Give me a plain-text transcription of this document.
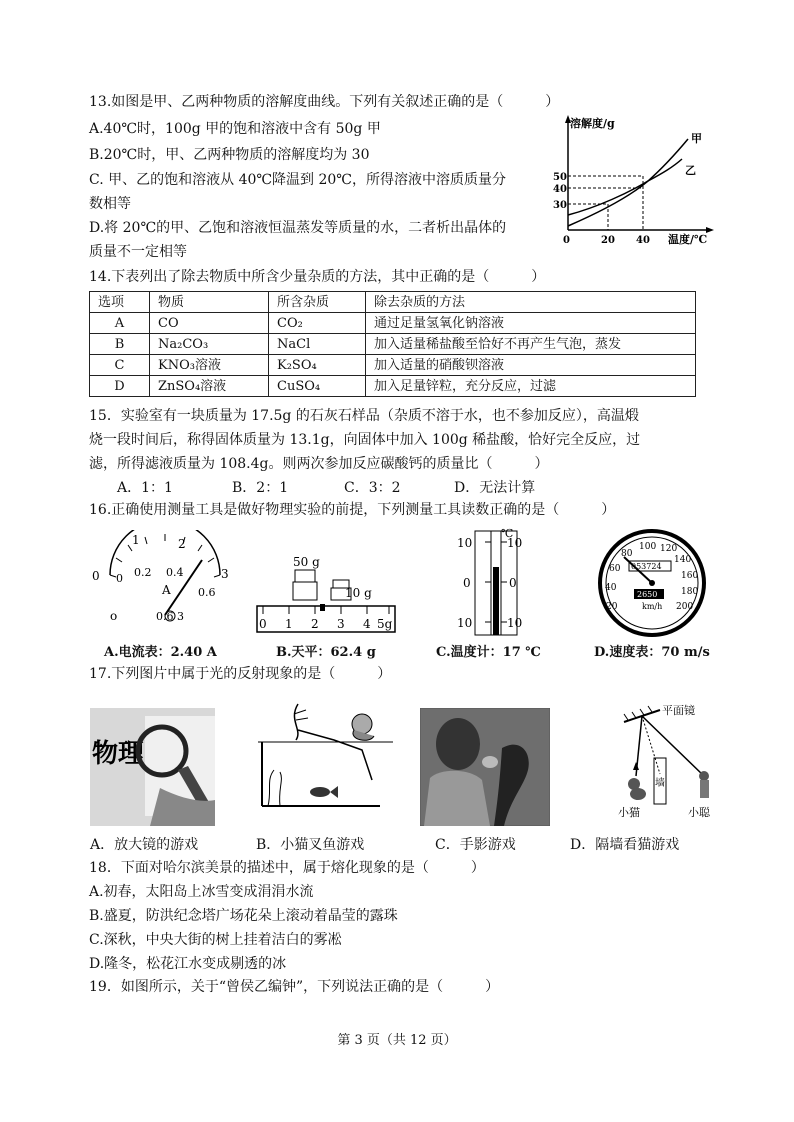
13.如图是甲、乙两种物质的溶解度曲线。下列有关叙述正确的是（　　　）
A.40℃时，100g 甲的饱和溶液中含有 50g 甲
B.20℃时，甲、乙两种物质的溶解度均为 30
C. 甲、乙的饱和溶液从 40℃降温到 20℃，所得溶液中溶质质量分
数相等
D.将 20℃的甲、乙饱和溶液恒温蒸发等质量的水，二者析出晶体的
质量不一定相等
溶解度/g
甲
乙
50
40
30
0	20 40 温度/℃
14.下表列出了除去物质中所含少量杂质的方法，其中正确的是（　　　）
选项	物质	所含杂质	除去杂质的方法
A	CO	CO₂	通过足量氢氧化钠溶液
B	Na₂CO₃	NaCl	加入适量稀盐酸至恰好不再产生气泡，蒸发
C	KNO₃溶液	K₂SO₄	加入适量的硝酸钡溶液
D	ZnSO₄溶液	CuSO₄	加入足量锌粒，充分反应，过滤
15．实验室有一块质量为 17.5g 的石灰石样品（杂质不溶于水，也不参加反应），高温煅
烧一段时间后，称得固体质量为 13.1g，向固体中加入 100g 稀盐酸，恰好完全反应，过
滤，所得滤液质量为 108.4g。则两次参加反应碳酸钙的质量比（　　　）
A．1：1	B．2：1	C．3：2	D．无法计算
16.正确使用测量工具是做好物理实验的前提，下列测量工具读数正确的是（　　　）
1	2
0	3
0 0.2 0.4
0.6
A
o	0.6 3
A.电流表：2.40 A
50 g
10 g
0 1 2 3 4 5g
B.天平：62.4 g
℃
10
0
10
10
0
10
C.温度计：17 ℃
20
40
60
80
100 120
140
160
180
200
053724
2650
km/h
D.速度表：70 m/s
17.下列图片中属于光的反射现象的是（　　　）
物理
平面镜
墙
小猫	小聪
A．放大镜的游戏	B．小猫叉鱼游戏	C．手影游戏	D．隔墙看猫游戏
18．下面对哈尔滨美景的描述中，属于熔化现象的是（　　　）
A.初春，太阳岛上冰雪变成涓涓水流
B.盛夏，防洪纪念塔广场花朵上滚动着晶莹的露珠
C.深秋，中央大街的树上挂着洁白的雾凇
D.隆冬，松花江水变成剔透的冰
19．如图所示，关于“曾侯乙编钟”，下列说法正确的是（　　　）
第 3 页（共 12 页）
